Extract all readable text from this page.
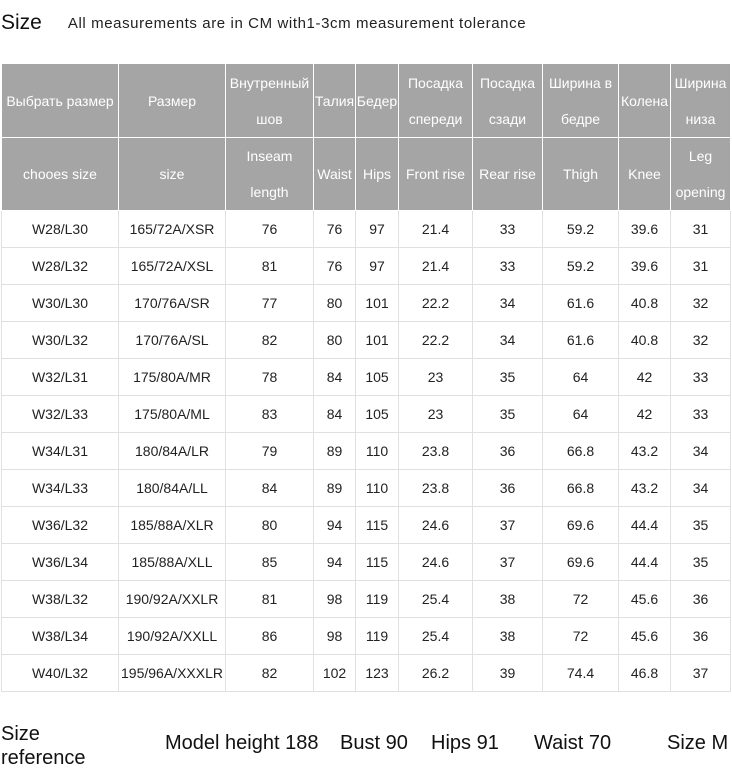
Size All measurements are in CM with1-3cm measurement tolerance
Выбрать размер	Размер	Внутренный шов	Талия	Бедер	Посадка спереди	Посадка сзади	Ширина в бедре	Колена	Ширина низа
chooes size	size	Inseam length	Waist	Hips	Front rise	Rear rise	Thigh	Knee	Leg opening
W28/L30	165/72A/XSR	76	76	97	21.4	33	59.2	39.6	31
W28/L32	165/72A/XSL	81	76	97	21.4	33	59.2	39.6	31
W30/L30	170/76A/SR	77	80	101	22.2	34	61.6	40.8	32
W30/L32	170/76A/SL	82	80	101	22.2	34	61.6	40.8	32
W32/L31	175/80A/MR	78	84	105	23	35	64	42	33
W32/L33	175/80A/ML	83	84	105	23	35	64	42	33
W34/L31	180/84A/LR	79	89	110	23.8	36	66.8	43.2	34
W34/L33	180/84A/LL	84	89	110	23.8	36	66.8	43.2	34
W36/L32	185/88A/XLR	80	94	115	24.6	37	69.6	44.4	35
W36/L34	185/88A/XLL	85	94	115	24.6	37	69.6	44.4	35
W38/L32	190/92A/XXLR	81	98	119	25.4	38	72	45.6	36
W38/L34	190/92A/XXLL	86	98	119	25.4	38	72	45.6	36
W40/L32	195/96A/XXXLR	82	102	123	26.2	39	74.4	46.8	37
Size reference
Model height 188 Bust 90 Hips 91 Waist 70	Size M
